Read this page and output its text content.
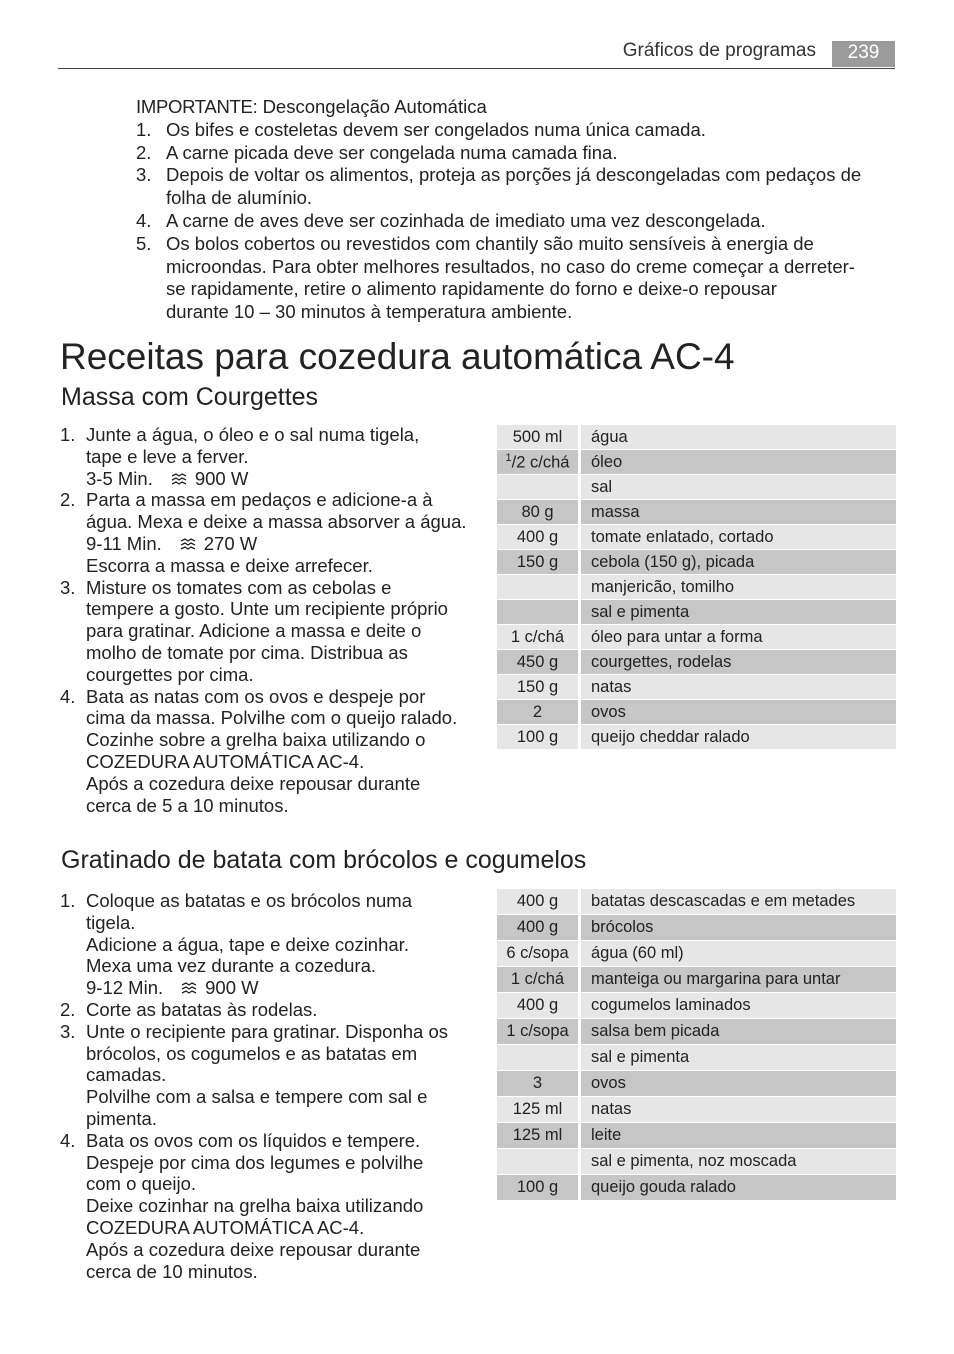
Gráficos de programas	239
IMPORTANTE: Descongelação Automática
1. Os bifes e costeletas devem ser congelados numa única camada.
2. A carne picada deve ser congelada numa camada fina.
3. Depois de voltar os alimentos, proteja as porções já descongeladas com pedaços de
folha de alumínio.
4. A carne de aves deve ser cozinhada de imediato uma vez descongelada.
5. Os bolos cobertos ou revestidos com chantily são muito sensíveis à energia de
microondas. Para obter melhores resultados, no caso do creme começar a derreter-
se rapidamente, retire o alimento rapidamente do forno e deixe-o repousar
durante 10 – 30 minutos à temperatura ambiente.
Receitas para cozedura automática AC-4
Massa com Courgettes
1. Junte a água, o óleo e o sal numa tigela,
tape e leve a ferver.
3-5 Min. 900 W
2. Parta a massa em pedaços e adicione-a à
água. Mexa e deixe a massa absorver a água.
9-11 Min. 270 W
Escorra a massa e deixe arrefecer.
3. Misture os tomates com as cebolas e
tempere a gosto. Unte um recipiente próprio
para gratinar. Adicione a massa e deite o
molho de tomate por cima. Distribua as
courgettes por cima.
4. Bata as natas com os ovos e despeje por
cima da massa. Polvilhe com o queijo ralado.
Cozinhe sobre a grelha baixa utilizando o
COZEDURA AUTOMÁTICA AC-4.
Após a cozedura deixe repousar durante
cerca de 5 a 10 minutos.
500 ml	água
$^1$/2 c/chá	óleo
	sal
80 g	massa
400 g	tomate enlatado, cortado
150 g	cebola (150 g), picada
	manjericão, tomilho
	sal e pimenta
1 c/chá	óleo para untar a forma
450 g	courgettes, rodelas
150 g	natas
2	ovos
100 g	queijo cheddar ralado
Gratinado de batata com brócolos e cogumelos
1. Coloque as batatas e os brócolos numa
tigela.
Adicione a água, tape e deixe cozinhar.
Mexa uma vez durante a cozedura.
9-12 Min. 900 W
2. Corte as batatas às rodelas.
3. Unte o recipiente para gratinar. Disponha os
brócolos, os cogumelos e as batatas em
camadas.
Polvilhe com a salsa e tempere com sal e
pimenta.
4. Bata os ovos com os líquidos e tempere.
Despeje por cima dos legumes e polvilhe
com o queijo.
Deixe cozinhar na grelha baixa utilizando
COZEDURA AUTOMÁTICA AC-4.
Após a cozedura deixe repousar durante
cerca de 10 minutos.
400 g	batatas descascadas e em metades
400 g	brócolos
6 c/sopa	água (60 ml)
1 c/chá	manteiga ou margarina para untar
400 g	cogumelos laminados
1 c/sopa	salsa bem picada
	sal e pimenta
3	ovos
125 ml	natas
125 ml	leite
	sal e pimenta, noz moscada
100 g	queijo gouda ralado
